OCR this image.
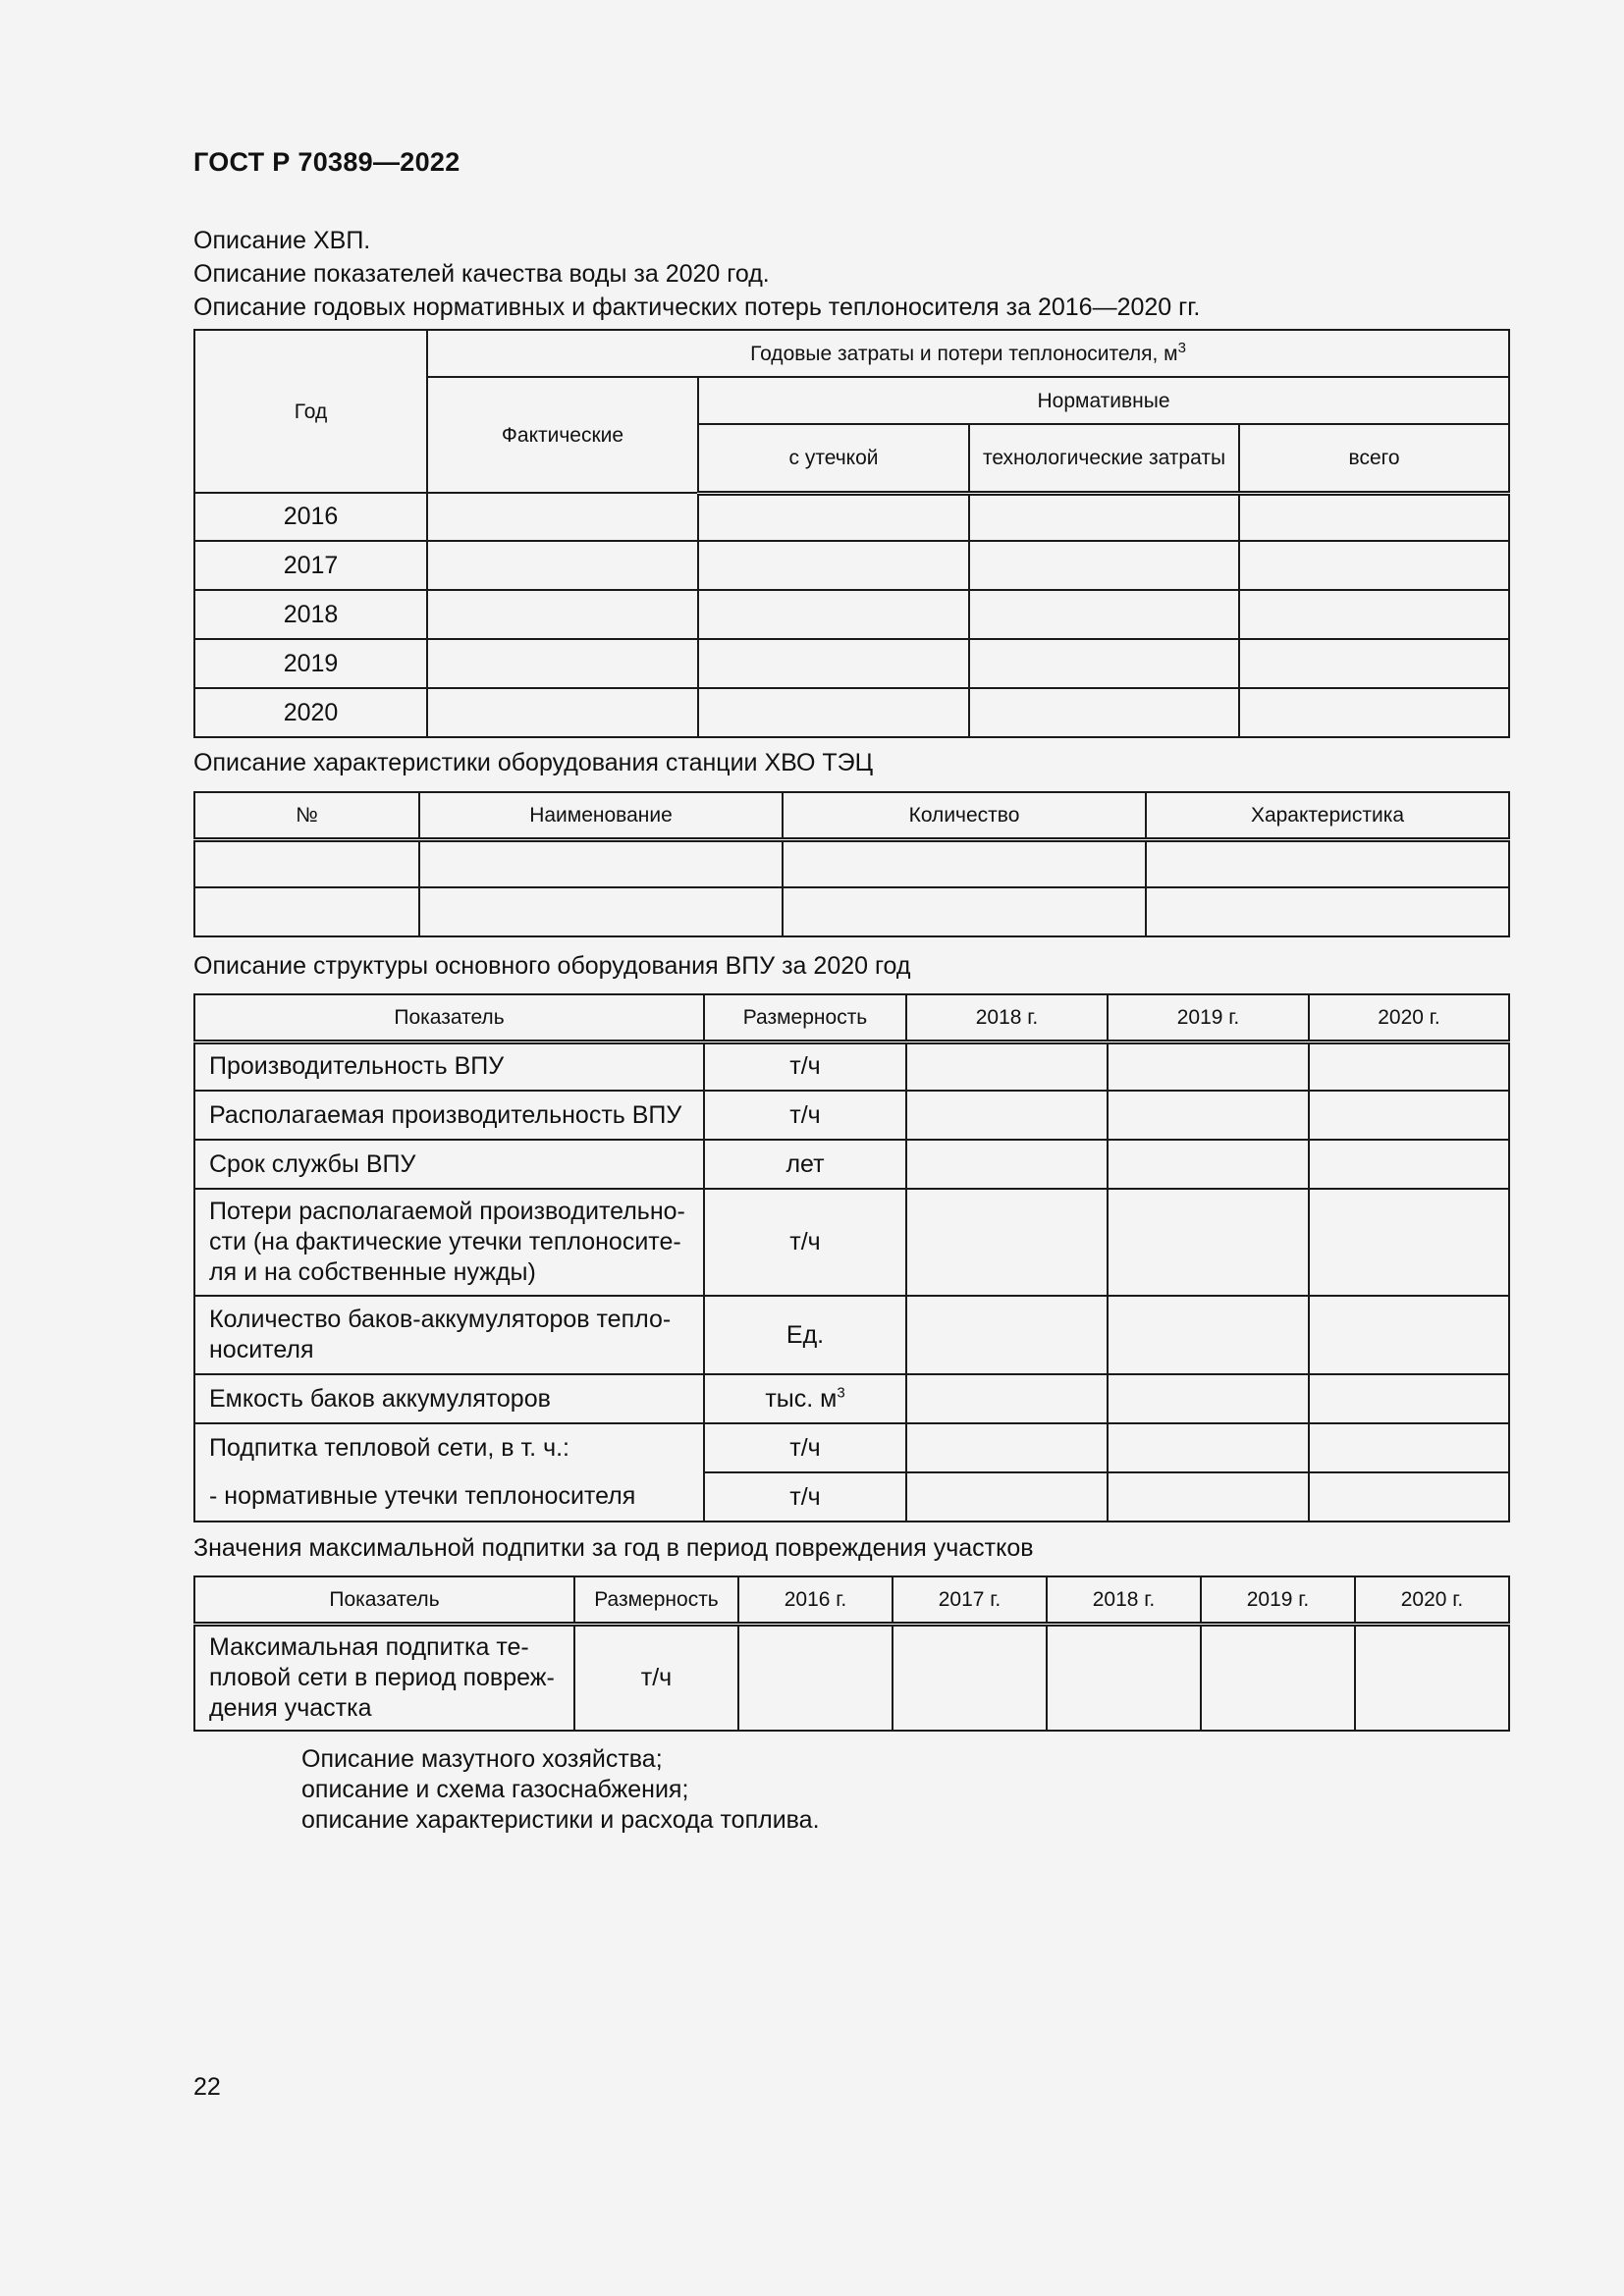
ГОСТ Р 70389—2022
Описание ХВП.
Описание показателей качества воды за 2020 год.
Описание годовых нормативных и фактических потерь теплоносителя за 2016—2020 гг.
Год	Годовые затраты и потери теплоносителя, $м^3$
	Фактические	Нормативные		
		с утечкой	технологические затраты	всего
2016				
2017				
2018				
2019				
2020				
Описание характеристики оборудования станции ХВО ТЭЦ
№	Наименование	Количество	Характеристика

Описание структуры основного оборудования ВПУ за 2020 год
Показатель	Размерность	2018 г.	2019 г.	2020 г.
Производительность ВПУ	т/ч			
Располагаемая производительность ВПУ	т/ч			
Срок службы ВПУ	лет			
Потери располагаемой производительно-сти (на фактические утечки теплоносите-ля и на собственные нужды)	т/ч			
Количество баков-аккумуляторов тепло-носителя	Ед.			
Емкость баков аккумуляторов	тыс. $м^3$			
Подпитка тепловой сети, в т. ч.:	т/ч			
- нормативные утечки теплоносителя	т/ч			
Значения максимальной подпитки за год в период повреждения участков
Показатель	Размерность	2016 г.	2017 г.	2018 г.	2019 г.	2020 г.
Максимальная подпитка те-пловой сети в период повреж-дения участка	т/ч					
Описание мазутного хозяйства;
описание и схема газоснабжения;
описание характеристики и расхода топлива.
22
